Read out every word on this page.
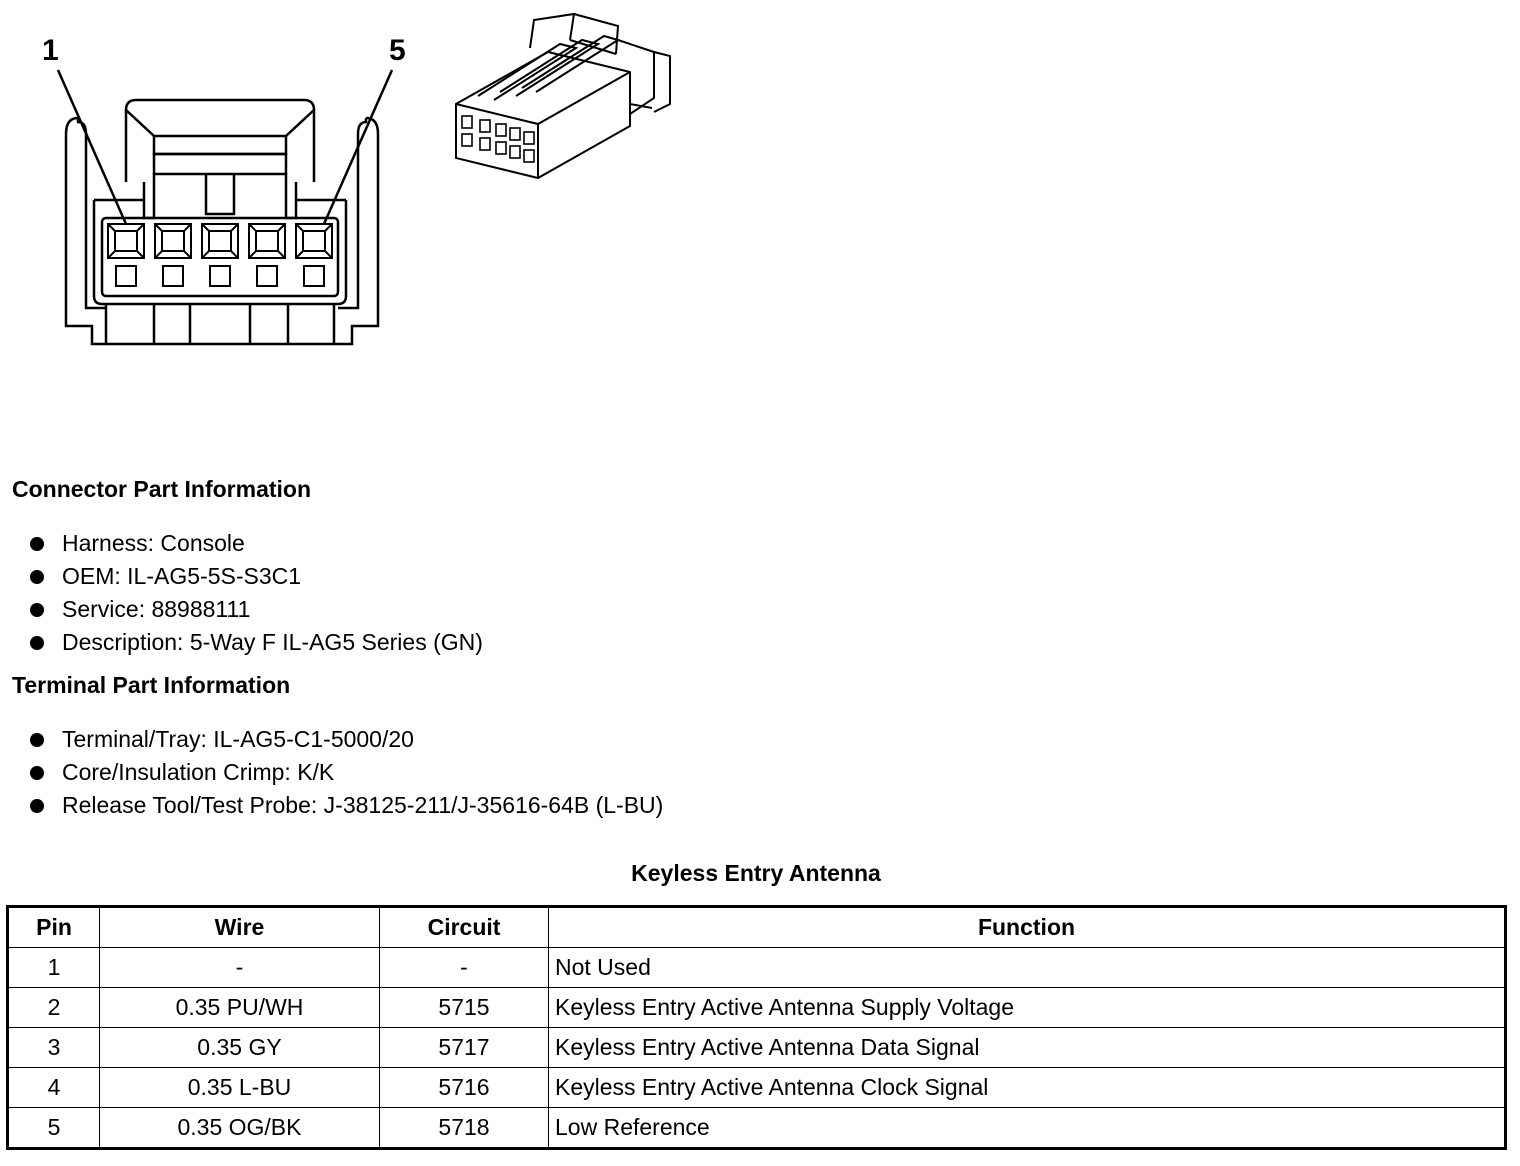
1	5
Connector Part Information
Harness: Console
OEM: IL-AG5-5S-S3C1
Service: 88988111
Description: 5-Way F IL-AG5 Series (GN)
Terminal Part Information
Terminal/Tray: IL-AG5-C1-5000/20
Core/Insulation Crimp: K/K
Release Tool/Test Probe: J-38125-211/J-35616-64B (L-BU)
Keyless Entry Antenna
Pin	Wire	Circuit	Function
1	-	-	Not Used
2	0.35 PU/WH	5715	Keyless Entry Active Antenna Supply Voltage
3	0.35 GY	5717	Keyless Entry Active Antenna Data Signal
4	0.35 L-BU	5716	Keyless Entry Active Antenna Clock Signal
5	0.35 OG/BK	5718	Low Reference
